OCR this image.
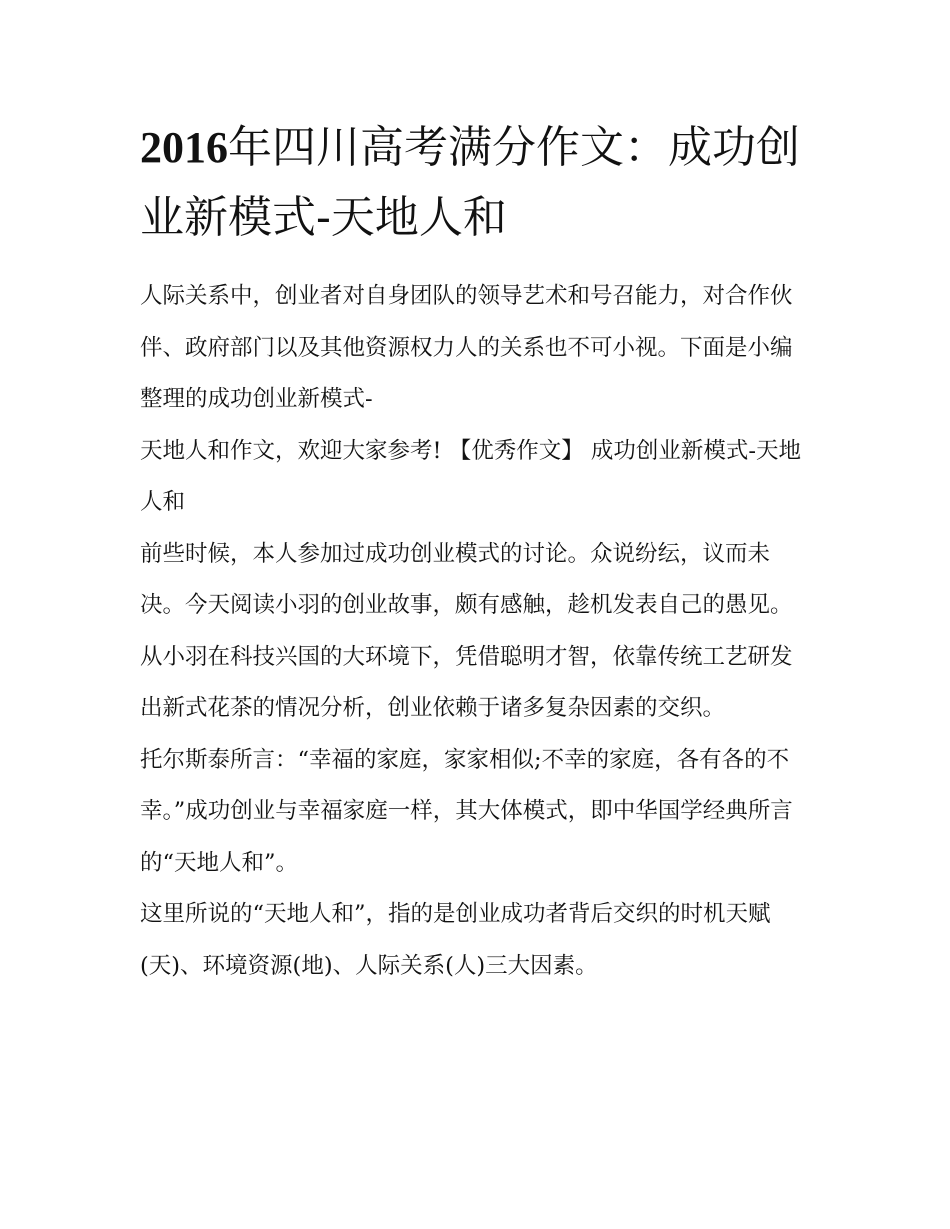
2016年四川高考满分作文：成功创业新模式-天地人和

人际关系中，创业者对自身团队的领导艺术和号召能力，对合作伙伴、政府部门以及其他资源权力人的关系也不可小视。下面是小编整理的成功创业新模式-

天地人和作文，欢迎大家参考! 【优秀作文】 成功创业新模式-天地人和

前些时候，本人参加过成功创业模式的讨论。众说纷纭，议而未决。今天阅读小羽的创业故事，颇有感触，趁机发表自己的愚见。

从小羽在科技兴国的大环境下，凭借聪明才智，依靠传统工艺研发出新式花茶的情况分析，创业依赖于诸多复杂因素的交织。

托尔斯泰所言：“幸福的家庭，家家相似;不幸的家庭，各有各的不幸。”成功创业与幸福家庭一样，其大体模式，即中华国学经典所言的“天地人和”。

这里所说的“天地人和”，指的是创业成功者背后交织的时机天赋(天)、环境资源(地)、人际关系(人)三大因素。
